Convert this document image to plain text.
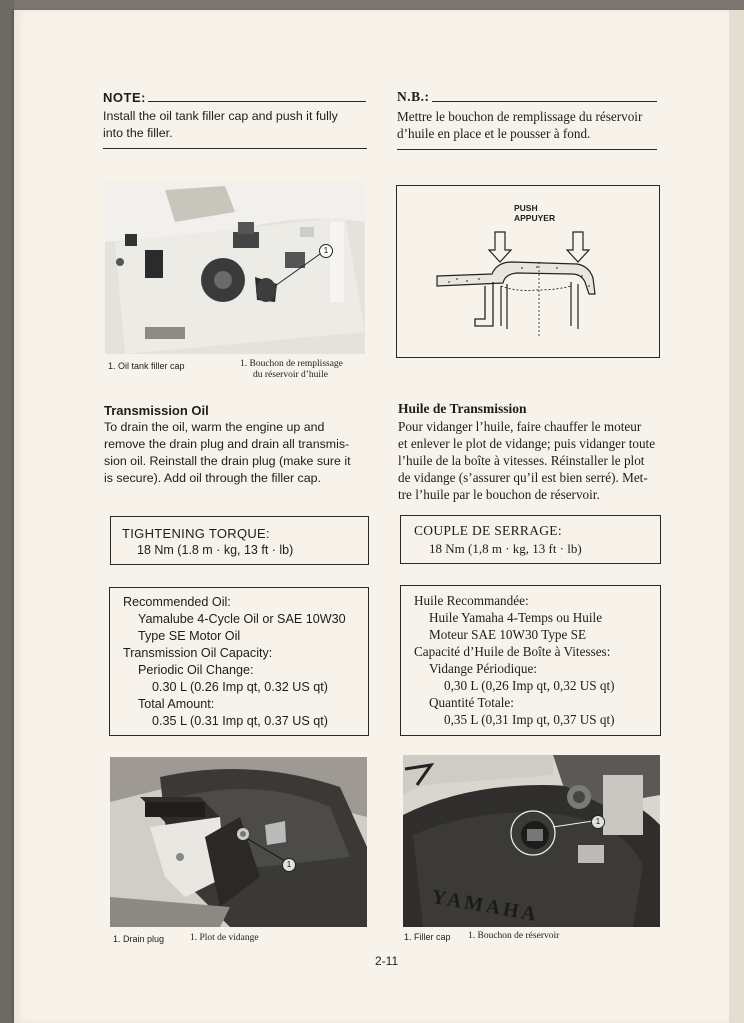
NOTE:
Install the oil tank filler cap and push it fully
into the filler.
N.B.:
Mettre le bouchon de remplissage du réservoir
d’huile en place et le pousser à fond.
1
1. Oil tank filler cap	1. Bouchon de remplissage
du réservoir d’huile
PUSH
APPUYER
Transmission Oil
To drain the oil, warm the engine up and
remove the drain plug and drain all transmis-
sion oil. Reinstall the drain plug (make sure it
is secure). Add oil through the filler cap.
Huile de Transmission
Pour vidanger l’huile, faire chauffer le moteur
et enlever le plot de vidange; puis vidanger toute
l’huile de la boîte à vitesses. Réinstaller le plot
de vidange (s’assurer qu’il est bien serré). Met-
tre l’huile par le bouchon de réservoir.
TIGHTENING TORQUE:
18 Nm (1.8 m · kg, 13 ft · lb)
COUPLE DE SERRAGE:
18 Nm (1,8 m · kg, 13 ft · lb)
Recommended Oil:
Yamalube 4-Cycle Oil or SAE 10W30
Type SE Motor Oil
Transmission Oil Capacity:
Periodic Oil Change:
0.30 L (0.26 Imp qt, 0.32 US qt)
Total Amount:
0.35 L (0.31 Imp qt, 0.37 US qt)
Huile Recommandée:
Huile Yamaha 4-Temps ou Huile
Moteur SAE 10W30 Type SE
Capacité d’Huile de Boîte à Vitesses:
Vidange Périodique:
0,30 L (0,26 Imp qt, 0,32 US qt)
Quantité Totale:
0,35 L (0,31 Imp qt, 0,37 US qt)
1
1. Drain plug	1. Plot de vidange
YAMAHA
1
1. Filler cap 1. Bouchon de réservoir
2-11
